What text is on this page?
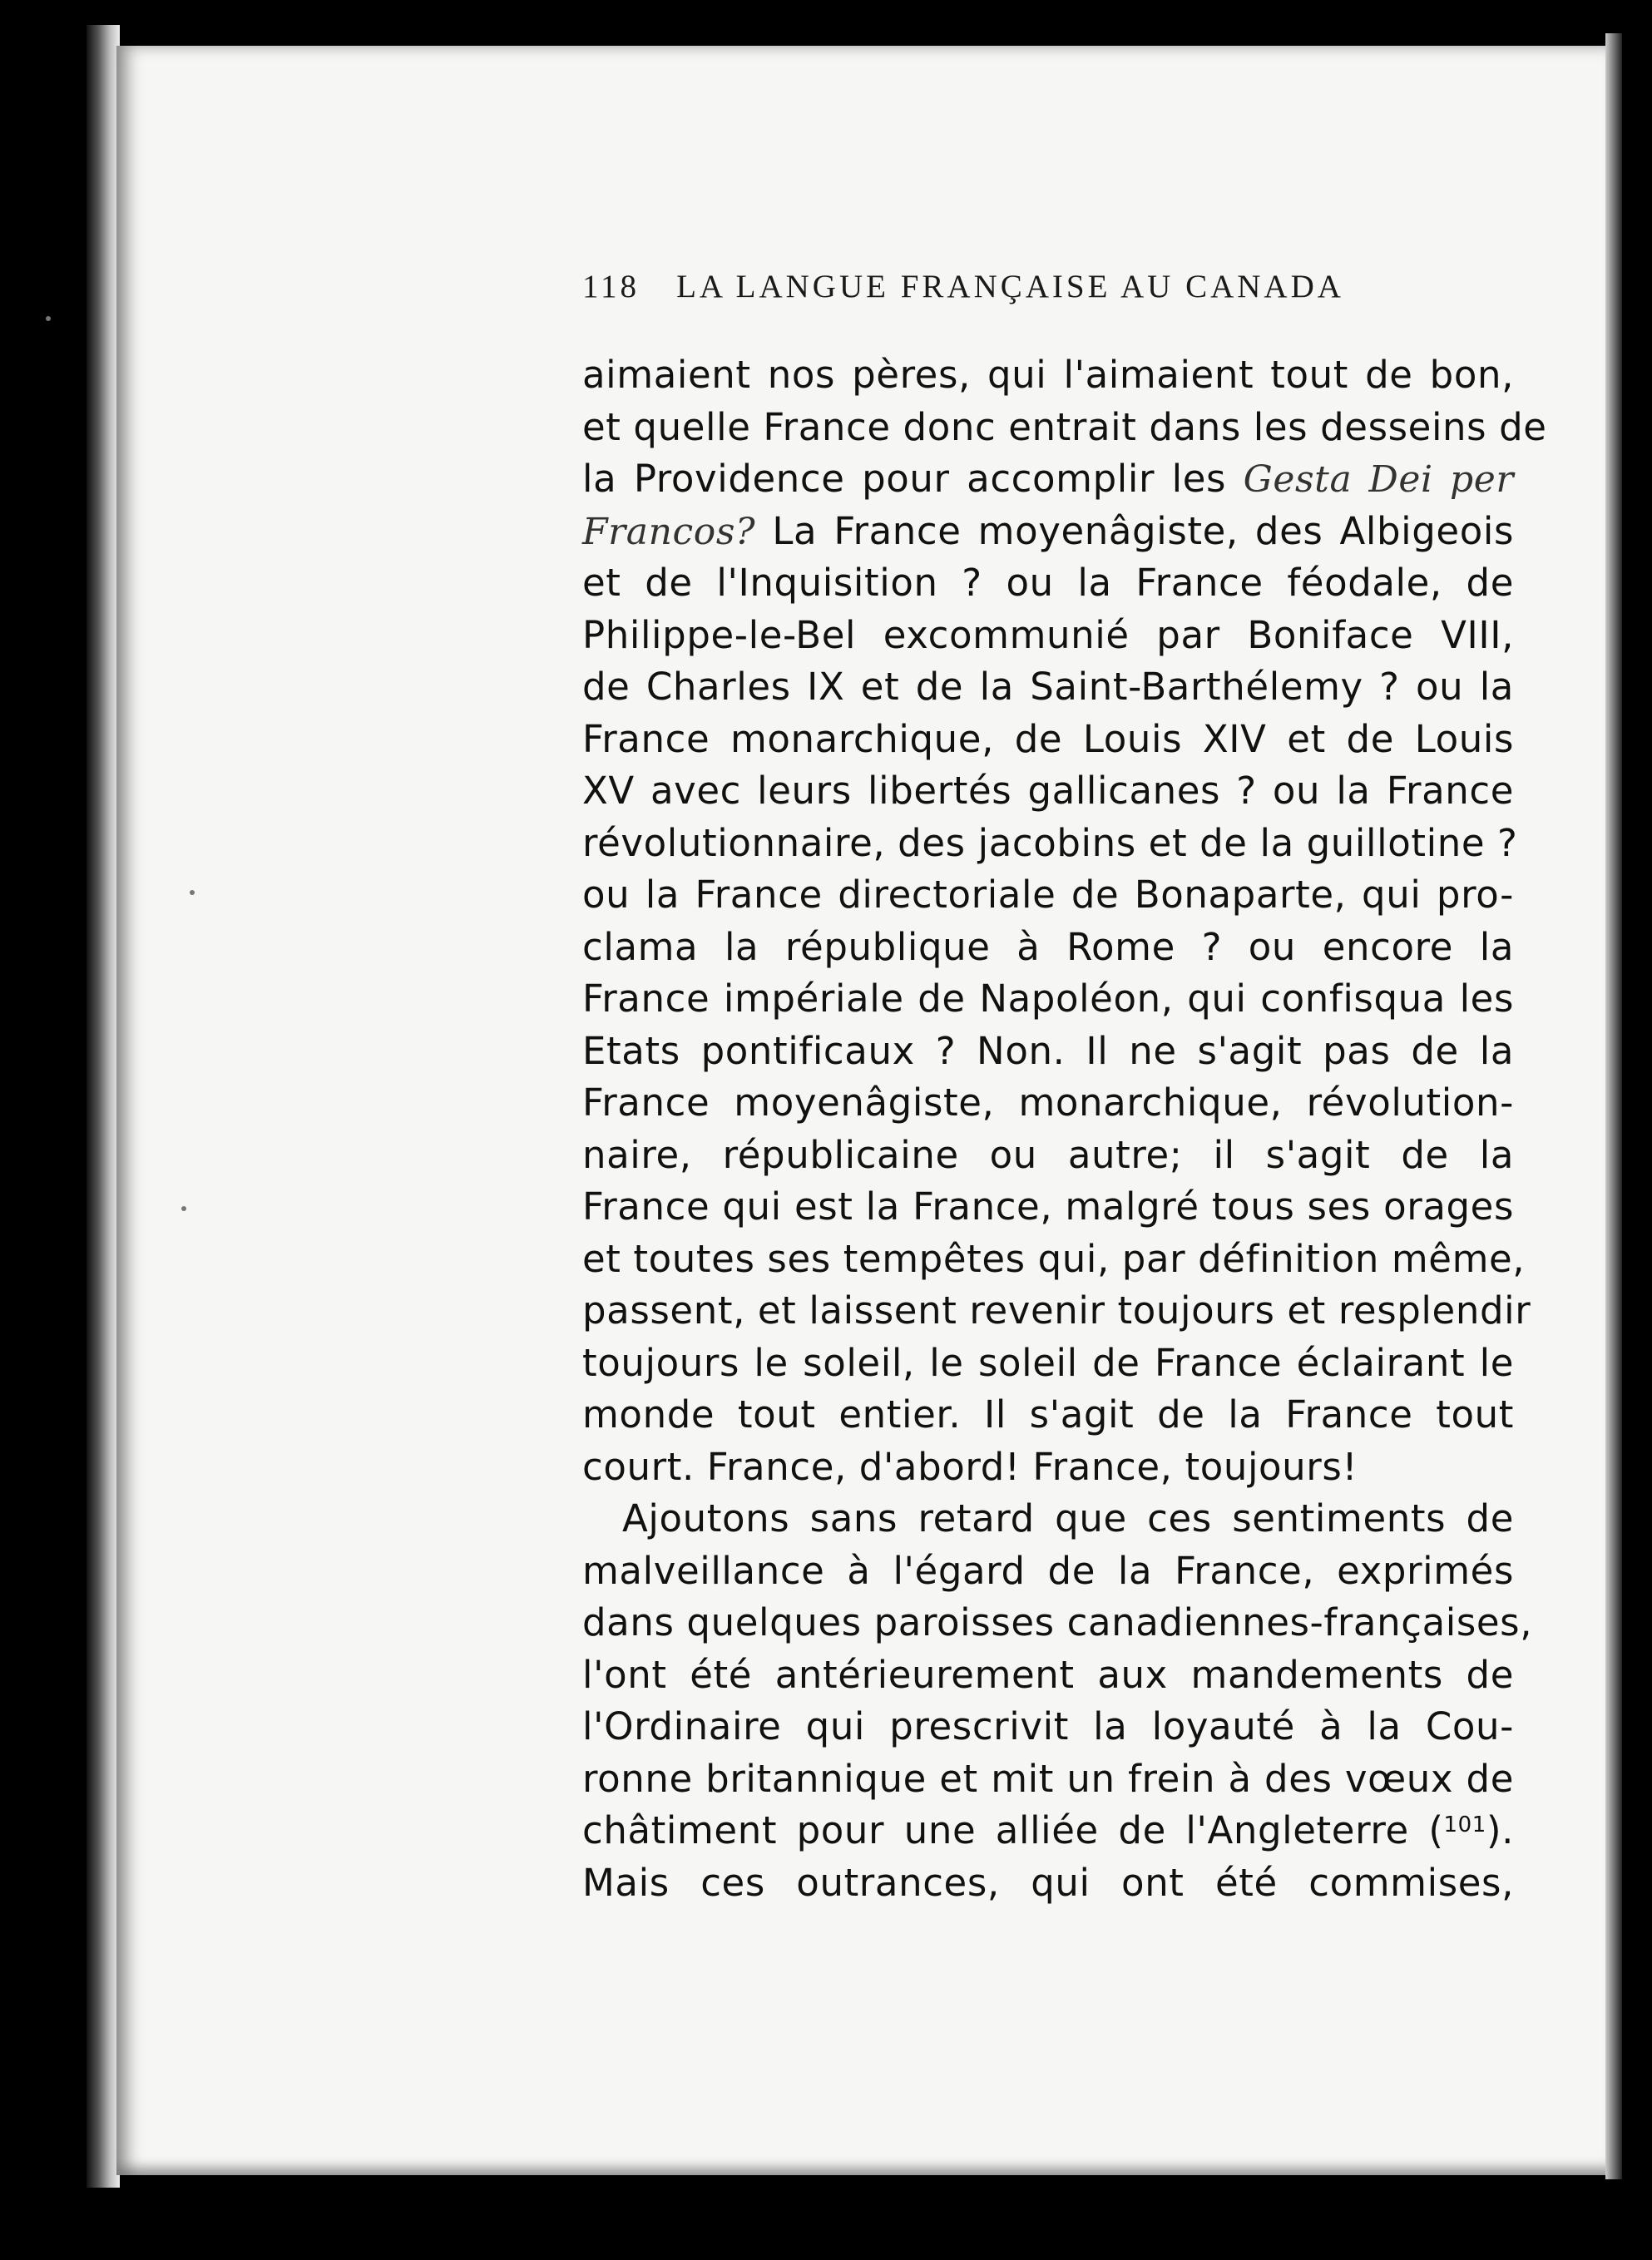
118 LA LANGUE FRANÇAISE AU CANADA
aimaient nos pères, qui l'aimaient tout de bon,
et quelle France donc entrait dans les desseins de
la Providence pour accomplir les Gesta Dei per
Francos? La France moyenâgiste, des Albigeois
et de l'Inquisition ? ou la France féodale, de
Philippe-le-Bel excommunié par Boniface VIII,
de Charles IX et de la Saint-Barthélemy ? ou la
France monarchique, de Louis XIV et de Louis
XV avec leurs libertés gallicanes ? ou la France
révolutionnaire, des jacobins et de la guillotine ?
ou la France directoriale de Bonaparte, qui pro-
clama la république à Rome ? ou encore la
France impériale de Napoléon, qui confisqua les
Etats pontificaux ? Non. Il ne s'agit pas de la
France moyenâgiste, monarchique, révolution-
naire, républicaine ou autre; il s'agit de la
France qui est la France, malgré tous ses orages
et toutes ses tempêtes qui, par définition même,
passent, et laissent revenir toujours et resplendir
toujours le soleil, le soleil de France éclairant le
monde tout entier. Il s'agit de la France tout
court. France, d'abord! France, toujours!
Ajoutons sans retard que ces sentiments de
malveillance à l'égard de la France, exprimés
dans quelques paroisses canadiennes-françaises,
l'ont été antérieurement aux mandements de
l'Ordinaire qui prescrivit la loyauté à la Cou-
ronne britannique et mit un frein à des vœux de
châtiment pour une alliée de l'Angleterre ($^{101}$).
Mais ces outrances, qui ont été commises,
